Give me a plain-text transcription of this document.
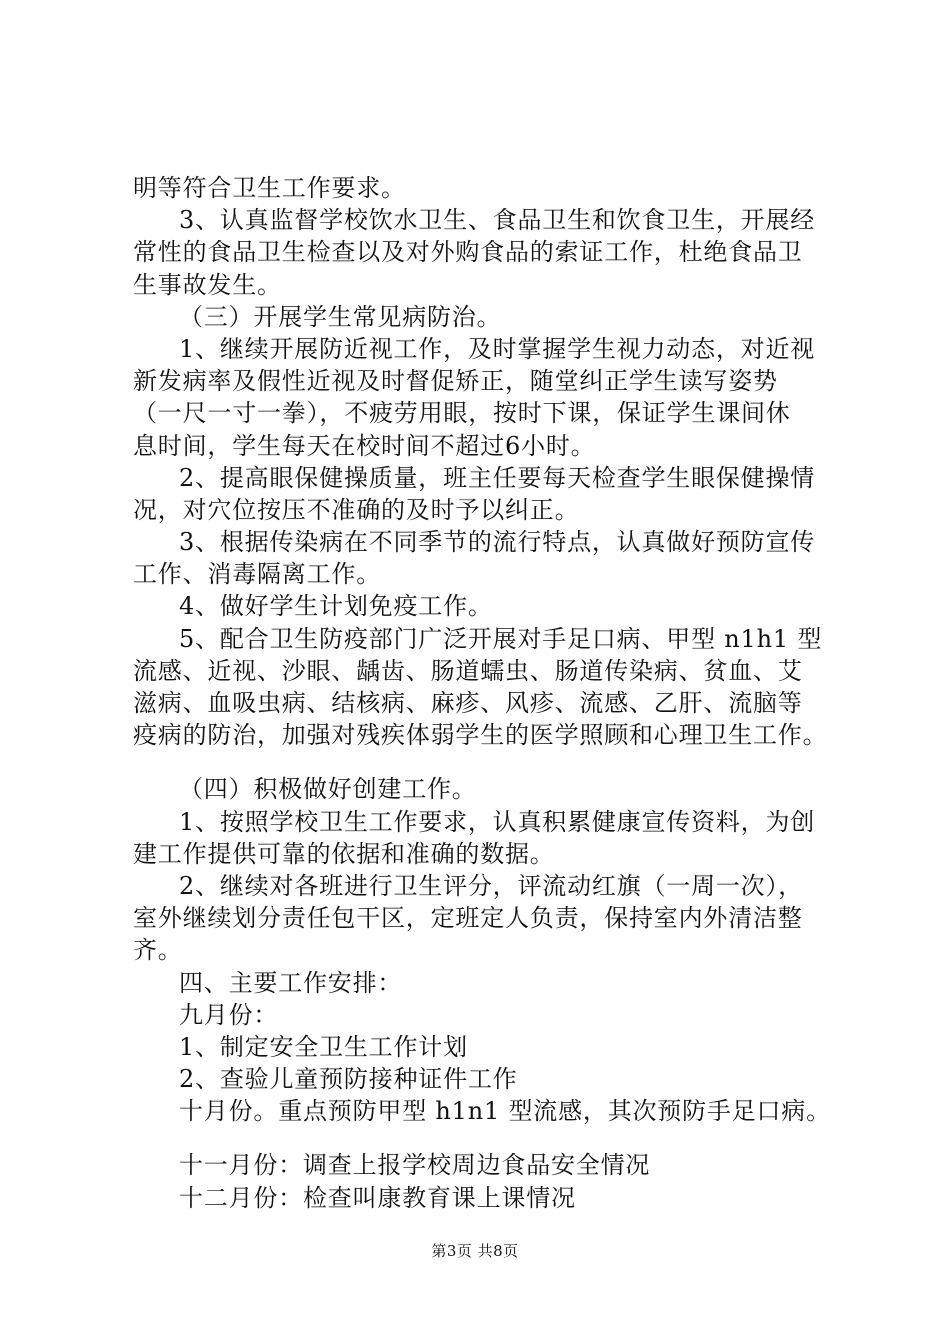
明等符合卫生工作要求。
3、认真监督学校饮水卫生、食品卫生和饮食卫生，开展经
常性的食品卫生检查以及对外购食品的索证工作，杜绝食品卫
生事故发生。
（三）开展学生常见病防治。
1、继续开展防近视工作，及时掌握学生视力动态，对近视
新发病率及假性近视及时督促矫正，随堂纠正学生读写姿势
（一尺一寸一拳），不疲劳用眼，按时下课，保证学生课间休
息时间，学生每天在校时间不超过6小时。
2、提高眼保健操质量，班主任要每天检查学生眼保健操情
况，对穴位按压不准确的及时予以纠正。
3、根据传染病在不同季节的流行特点，认真做好预防宣传
工作、消毒隔离工作。
4、做好学生计划免疫工作。
5、配合卫生防疫部门广泛开展对手足口病、甲型 n1h1 型
流感、近视、沙眼、龋齿、肠道蠕虫、肠道传染病、贫血、艾
滋病、血吸虫病、结核病、麻疹、风疹、流感、乙肝、流脑等
疫病的防治，加强对残疾体弱学生的医学照顾和心理卫生工作。
（四）积极做好创建工作。
1、按照学校卫生工作要求，认真积累健康宣传资料，为创
建工作提供可靠的依据和准确的数据。
2、继续对各班进行卫生评分，评流动红旗（一周一次），
室外继续划分责任包干区，定班定人负责，保持室内外清洁整
齐。
四、主要工作安排：
九月份：
1、制定安全卫生工作计划
2、查验儿童预防接种证件工作
十月份。重点预防甲型 h1n1 型流感，其次预防手足口病。
十一月份：调查上报学校周边食品安全情况
十二月份：检查叫康教育课上课情况
第3页 共8页
